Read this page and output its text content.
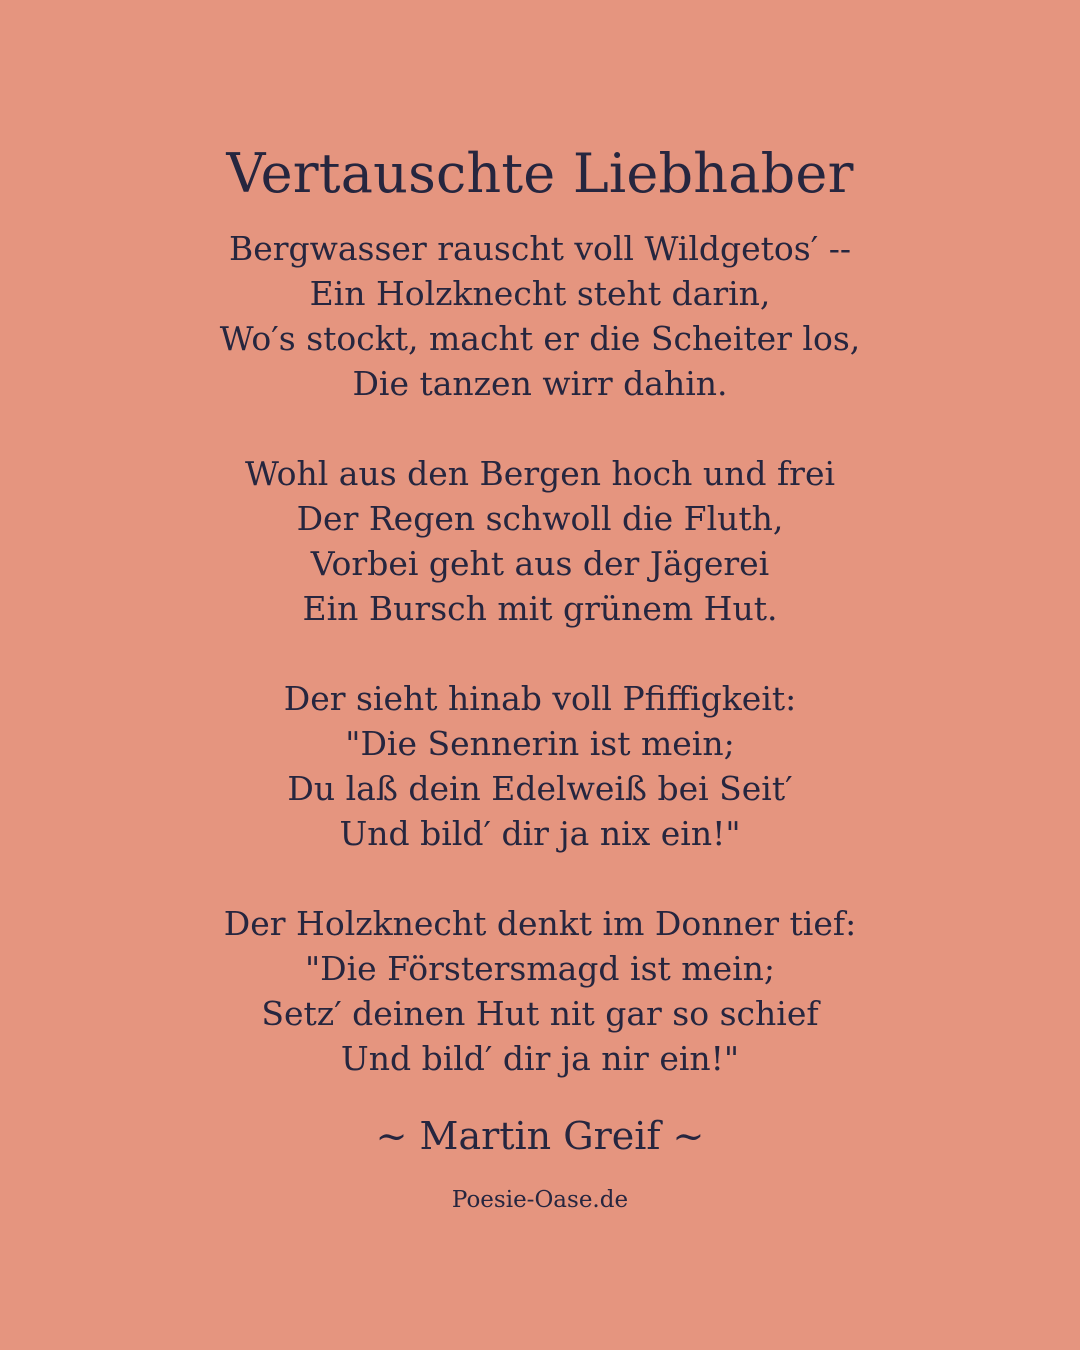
Vertauschte Liebhaber
Bergwasser rauscht voll Wildgetos′ --
Ein Holzknecht steht darin,
Wo′s stockt, macht er die Scheiter los,
Die tanzen wirr dahin.
Wohl aus den Bergen hoch und frei
Der Regen schwoll die Fluth,
Vorbei geht aus der Jägerei
Ein Bursch mit grünem Hut.
Der sieht hinab voll Pfiffigkeit:
"Die Sennerin ist mein;
Du laß dein Edelweiß bei Seit′
Und bild′ dir ja nix ein!"
Der Holzknecht denkt im Donner tief:
"Die Förstersmagd ist mein;
Setz′ deinen Hut nit gar so schief
Und bild′ dir ja nir ein!"
~ Martin Greif ~
Poesie-Oase.de
